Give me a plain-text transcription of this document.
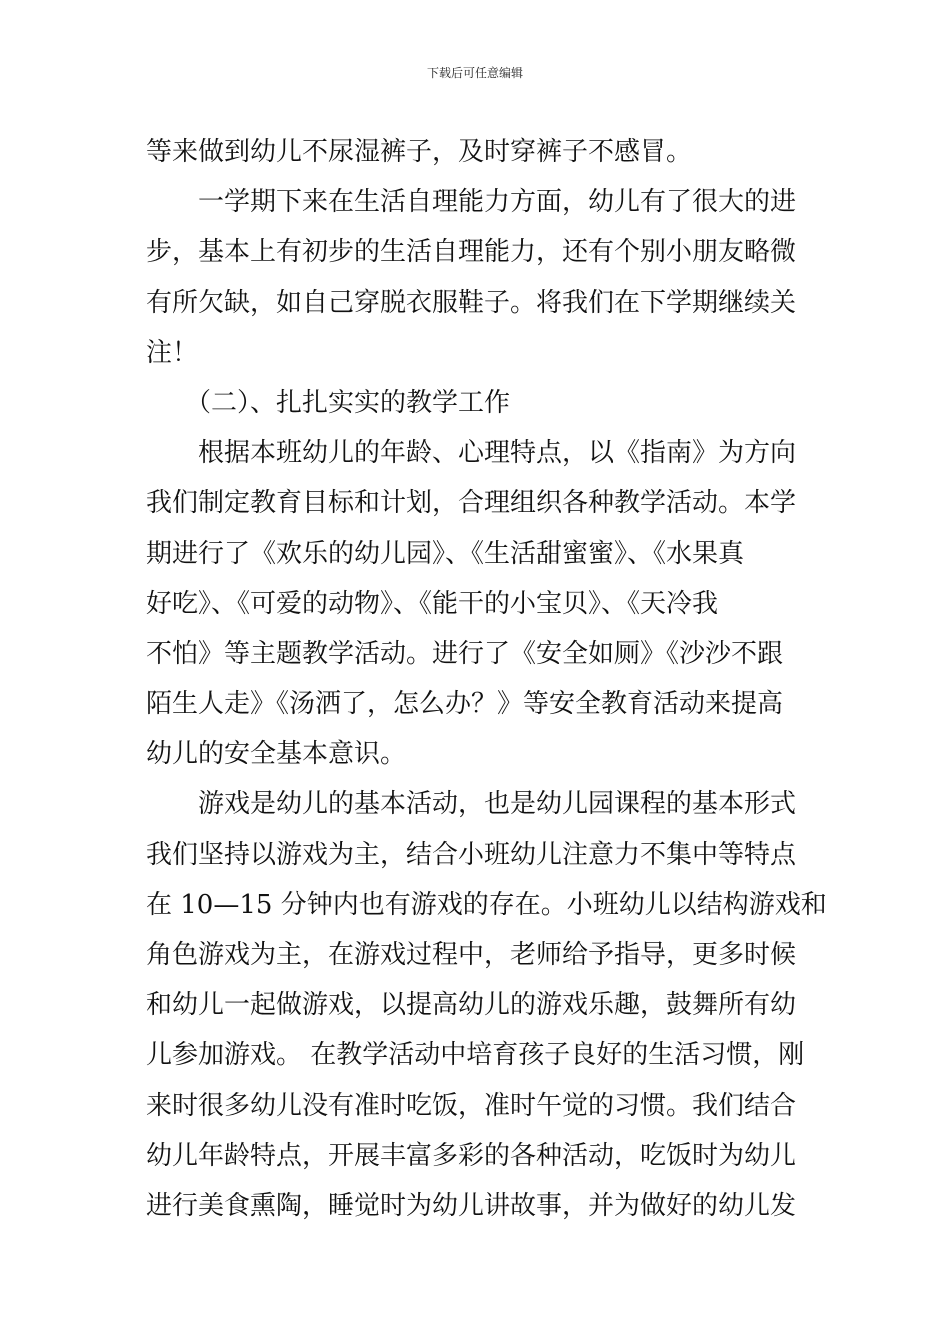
下载后可任意编辑
等来做到幼儿不尿湿裤子，及时穿裤子不感冒。
一学期下来在生活自理能力方面，幼儿有了很大的进
步，基本上有初步的生活自理能力，还有个别小朋友略微
有所欠缺，如自己穿脱衣服鞋子。将我们在下学期继续关
注！
（二）、扎扎实实的教学工作
根据本班幼儿的年龄、心理特点，以《指南》为方向
我们制定教育目标和计划，合理组织各种教学活动。本学
期进行了《欢乐的幼儿园》、《生活甜蜜蜜》、《水果真
好吃》、《可爱的动物》、《能干的小宝贝》、《天冷我
不怕》等主题教学活动。进行了《安全如厕》《沙沙不跟
陌生人走》《汤洒了，怎么办？》等安全教育活动来提高
幼儿的安全基本意识。
游戏是幼儿的基本活动，也是幼儿园课程的基本形式
我们坚持以游戏为主，结合小班幼儿注意力不集中等特点
在 10—15 分钟内也有游戏的存在。小班幼儿以结构游戏和
角色游戏为主，在游戏过程中，老师给予指导，更多时候
和幼儿一起做游戏，以提高幼儿的游戏乐趣，鼓舞所有幼
儿参加游戏。 在教学活动中培育孩子良好的生活习惯，刚
来时很多幼儿没有准时吃饭，准时午觉的习惯。我们结合
幼儿年龄特点，开展丰富多彩的各种活动，吃饭时为幼儿
进行美食熏陶，睡觉时为幼儿讲故事，并为做好的幼儿发
